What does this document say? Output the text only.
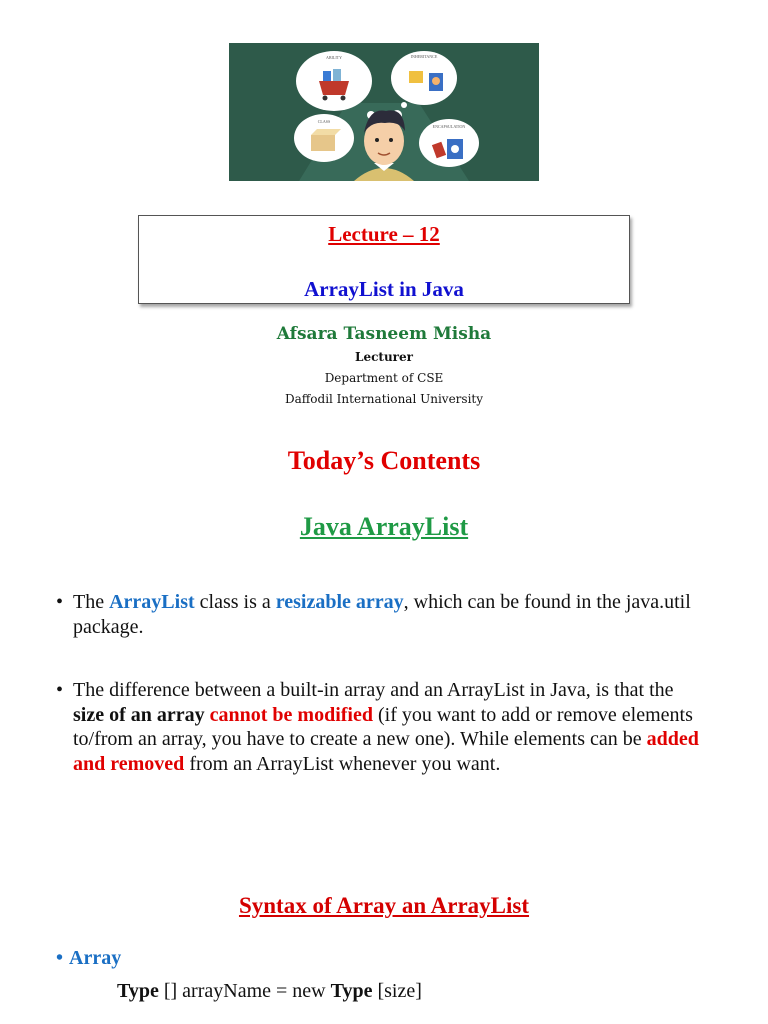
ABILITY	INHERITANCE
CLASS
ENCAPSULATION
Lecture – 12
ArrayList in Java
Afsara Tasneem Misha
Lecturer
Department of CSE
Daffodil International University
Today’s Contents
Java ArrayList
• The ArrayList class is a resizable array, which can be found in the java.util package.
• The difference between a built-in array and an ArrayList in Java, is that the size of an array cannot be modified (if you want to add or remove elements to/from an array, you have to create a new one). While elements can be added and removed from an ArrayList whenever you want.
Syntax of Array an ArrayList
• Array
Type [] arrayName = new Type [size]
